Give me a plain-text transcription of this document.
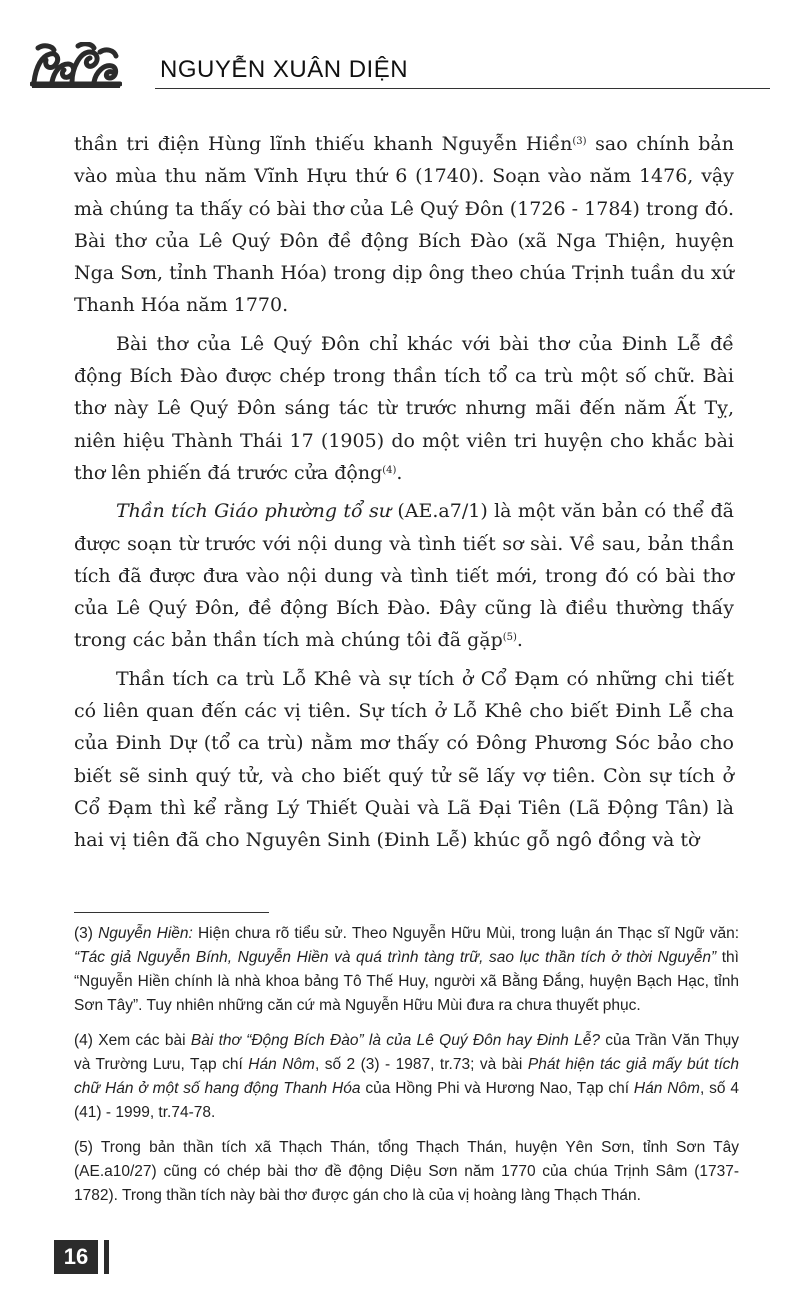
NGUYỄN XUÂN DIỆN

thần tri điện Hùng lĩnh thiếu khanh Nguyễn Hiền$^{(3)}$ sao chính bản vào mùa thu năm Vĩnh Hựu thứ 6 (1740). Soạn vào năm 1476, vậy mà chúng ta thấy có bài thơ của Lê Quý Đôn (1726 - 1784) trong đó. Bài thơ của Lê Quý Đôn đề động Bích Đào (xã Nga Thiện, huyện Nga Sơn, tỉnh Thanh Hóa) trong dịp ông theo chúa Trịnh tuần du xứ Thanh Hóa năm 1770.

Bài thơ của Lê Quý Đôn chỉ khác với bài thơ của Đinh Lễ đề động Bích Đào được chép trong thần tích tổ ca trù một số chữ. Bài thơ này Lê Quý Đôn sáng tác từ trước nhưng mãi đến năm Ất Tỵ, niên hiệu Thành Thái 17 (1905) do một viên tri huyện cho khắc bài thơ lên phiến đá trước cửa động$^{(4)}$.

Thần tích Giáo phường tổ sư (AE.a7/1) là một văn bản có thể đã được soạn từ trước với nội dung và tình tiết sơ sài. Về sau, bản thần tích đã được đưa vào nội dung và tình tiết mới, trong đó có bài thơ của Lê Quý Đôn, đề động Bích Đào. Đây cũng là điều thường thấy trong các bản thần tích mà chúng tôi đã gặp$^{(5)}$.

Thần tích ca trù Lỗ Khê và sự tích ở Cổ Đạm có những chi tiết có liên quan đến các vị tiên. Sự tích ở Lỗ Khê cho biết Đinh Lễ cha của Đinh Dự (tổ ca trù) nằm mơ thấy có Đông Phương Sóc bảo cho biết sẽ sinh quý tử, và cho biết quý tử sẽ lấy vợ tiên. Còn sự tích ở Cổ Đạm thì kể rằng Lý Thiết Quài và Lã Đại Tiên (Lã Động Tân) là hai vị tiên đã cho Nguyên Sinh (Đinh Lễ) khúc gỗ ngô đồng và tờ

(3) Nguyễn Hiền: Hiện chưa rõ tiểu sử. Theo Nguyễn Hữu Mùi, trong luận án Thạc sĩ Ngữ văn: “Tác giả Nguyễn Bính, Nguyễn Hiền và quá trình tàng trữ, sao lục thần tích ở thời Nguyễn” thì “Nguyễn Hiền chính là nhà khoa bảng Tô Thế Huy, người xã Bằng Đắng, huyện Bạch Hạc, tỉnh Sơn Tây”. Tuy nhiên những căn cứ mà Nguyễn Hữu Mùi đưa ra chưa thuyết phục.

(4) Xem các bài Bài thơ “Động Bích Đào” là của Lê Quý Đôn hay Đinh Lễ? của Trần Văn Thụy và Trường Lưu, Tạp chí Hán Nôm, số 2 (3) - 1987, tr.73; và bài Phát hiện tác giả mấy bút tích chữ Hán ở một số hang động Thanh Hóa của Hồng Phi và Hương Nao, Tạp chí Hán Nôm, số 4 (41) - 1999, tr.74-78.

(5) Trong bản thần tích xã Thạch Thán, tổng Thạch Thán, huyện Yên Sơn, tỉnh Sơn Tây (AE.a10/27) cũng có chép bài thơ đề động Diệu Sơn năm 1770 của chúa Trịnh Sâm (1737-1782). Trong thần tích này bài thơ được gán cho là của vị hoàng làng Thạch Thán.

16
